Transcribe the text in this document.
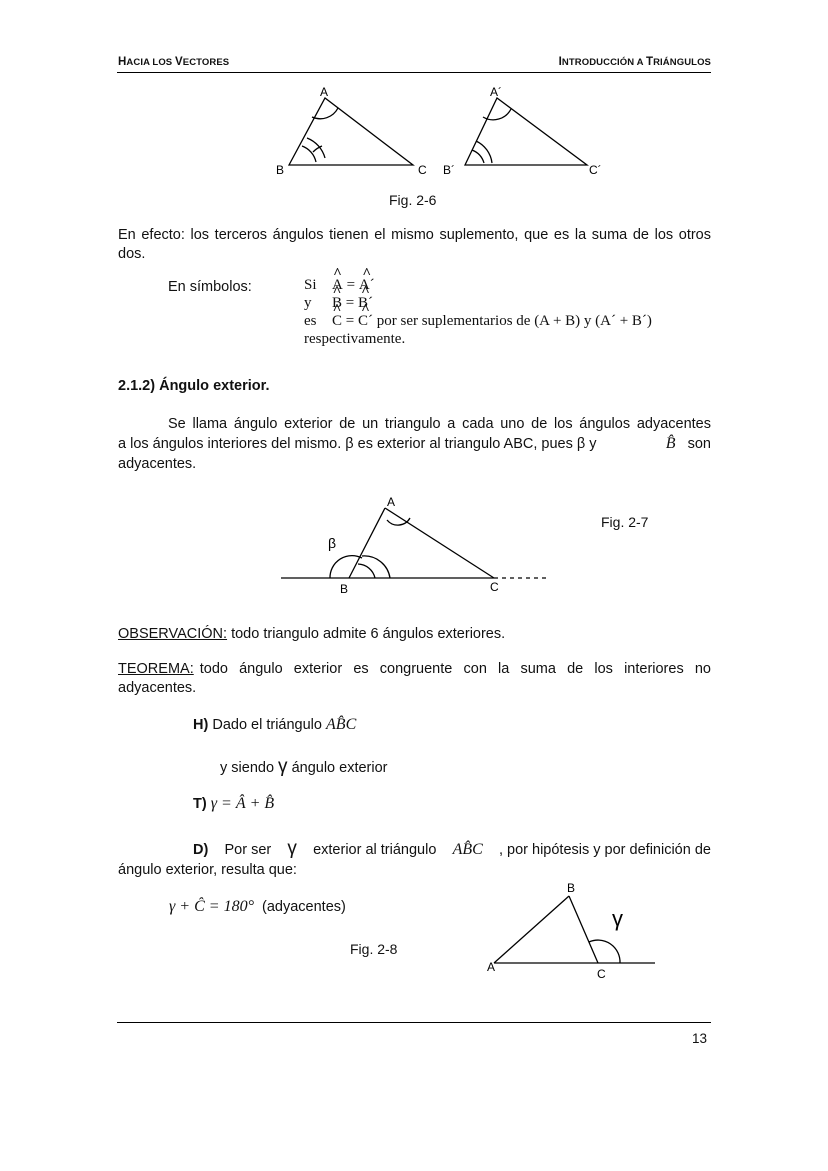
HACIA LOS VECTORES	INTRODUCCIÓN A TRIÁNGULOS
A
B	C
A´
B´	C´
Fig. 2-6
En efecto: los terceros ángulos tienen el mismo suplemento, que es la suma de los otros dos.
En símbolos:	Si ^ A = ^ A´
y ^ B = ^ B´
es ^ C = ^ C´ por ser suplementarios de (A + B) y (A´ + B´)
respectivamente.
2.1.2) Ángulo exterior.
Se llama ángulo exterior de un triangulo a cada uno de los ángulos adyacentes
a los ángulos interiores del mismo. β es exterior al triangulo ABC, pues β y	B̂ son
adyacentes.
A
B	C
β
Fig. 2-7
OBSERVACIÓN: todo triangulo admite 6 ángulos exteriores.
TEOREMA: todo ángulo exterior es congruente con la suma de los interiores no
adyacentes.
H) Dado el triángulo AB̂C
y siendo γ ángulo exterior
T) γ = Â + B̂
D) Por ser γ exterior al triángulo AB̂C , por hipótesis y por definición de
ángulo exterior, resulta que:
γ + Ĉ = 180° (adyacentes)
Fig. 2-8
B
A	C
γ
13
